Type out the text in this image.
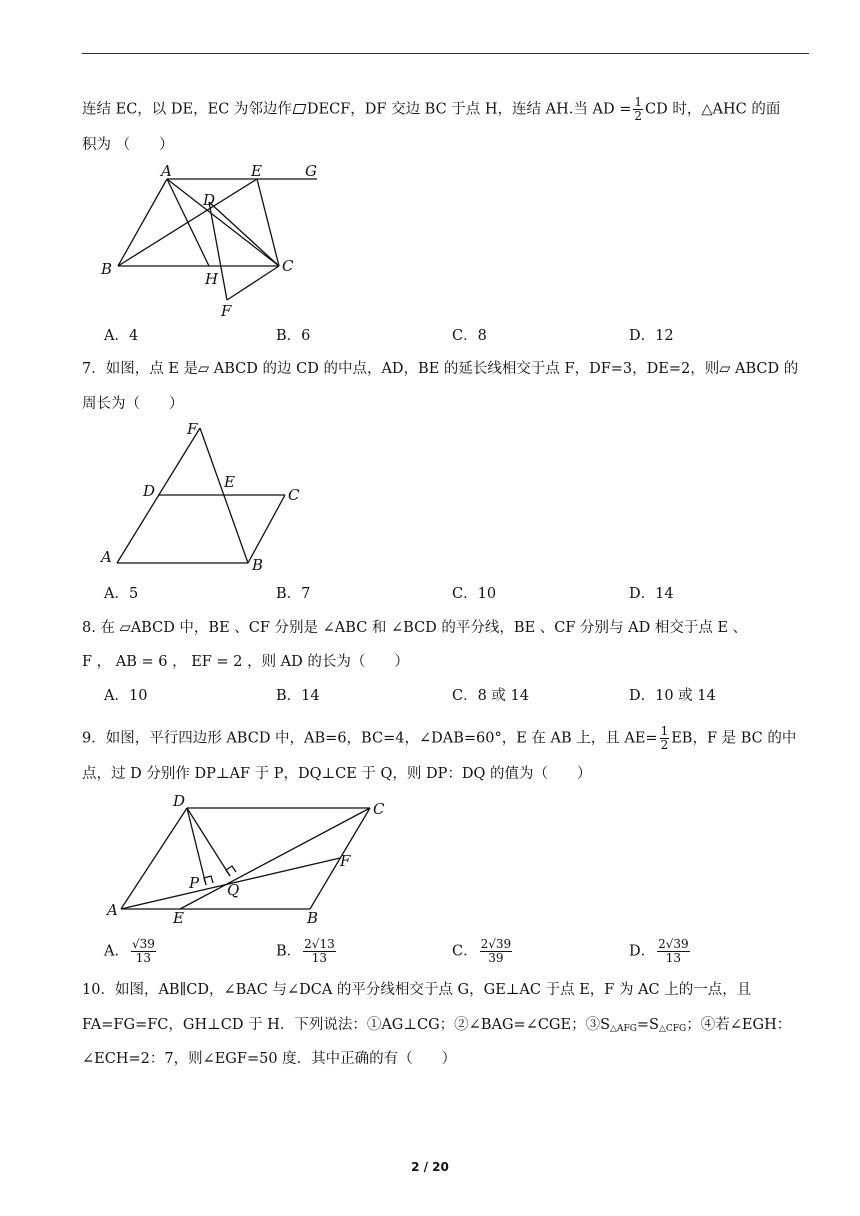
连结 EC，以 DE，EC 为邻边作 DECF，DF 交边 BC 于点 H，连结 AH.当 AD = $\frac{1}{2}$ CD 时，△AHC 的面
积为 （　　）
A	E	G
D
B
H
C
F
A．4	B．6	C．8	D．12
7．如图，点 E 是▱ ABCD 的边 CD 的中点，AD，BE 的延长线相交于点 F，DF=3，DE=2，则▱ ABCD 的
周长为（　　）
F
D	E
C
A	B
A．5	B．7	C．10	D．14
8. 在 ▱ABCD 中，BE 、CF 分别是 ∠ABC 和 ∠BCD 的平分线，BE 、CF 分别与 AD 相交于点 E 、
F ， AB = 6 ， EF = 2 ，则 AD 的长为（　　）
A．10	B．14	C．8 或 14	D．10 或 14
9．如图，平行四边形 ABCD 中，AB=6，BC=4，∠DAB=60°，E 在 AB 上，且 $AE= \frac{1}{2}$ EB，F 是 BC 的中
点，过 D 分别作 DP⊥AF 于 P，DQ⊥CE 于 Q，则 DP：DQ 的值为（　　）
D	C
F
P Q
A	E	B
A． $\frac{√39}{13}$	B． $\frac{2√13}{13}$	C． $\frac{2√39}{39}$	D． $\frac{2√39}{13}$
10．如图，AB∥CD，∠BAC 与∠DCA 的平分线相交于点 G，GE⊥AC 于点 E，F 为 AC 上的一点，且
FA=FG=FC，GH⊥CD 于 H．下列说法：①AG⊥CG；②∠BAG=∠CGE；$③S_{\triangle AFG}=S_{\triangle CFG}$；④若∠EGH：
∠ECH=2：7，则∠EGF=50 度．其中正确的有（　　）
2 / 20
